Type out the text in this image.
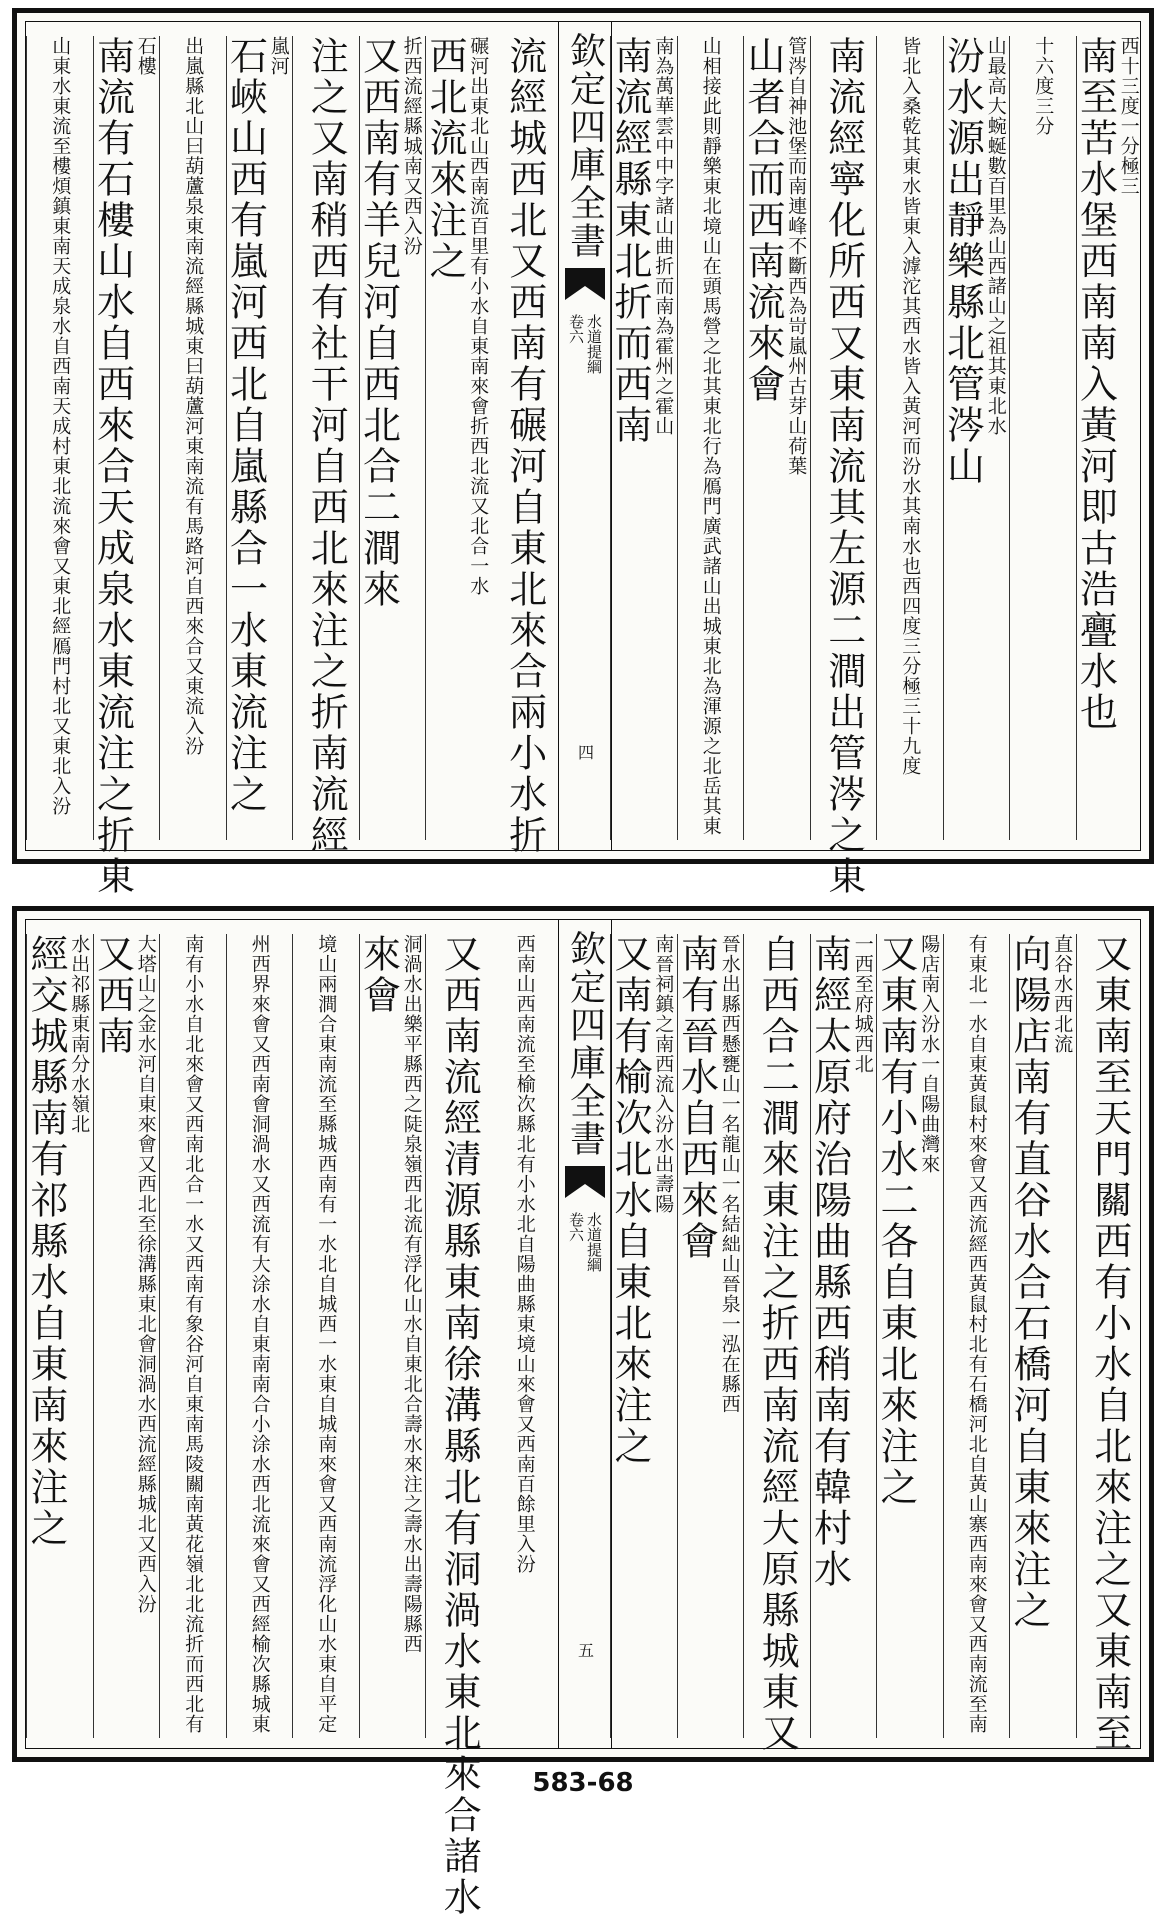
欽定四庫全書
水道提綱 卷六
四
南至苦水堡西南南入黃河即古浩亹水也 西十三度一分極三
十六度三分
汾水源出靜樂縣北管涔山 山最高大蜿蜒數百里為山西諸山之祖其東北水
皆北入桑乾其東水皆東入滹沱其西水皆入黃河而汾水其南水也西四度三分極三十九度
南流經寧化所西又東南流其左源二澗出管涔之東
山者合而西南流來會 管涔自神池堡而南連峰不斷西為岢嵐州古芽山荷葉
山相接此則靜樂東北境山在頭馬營之北其東北行為鴈門廣武諸山出城東北為渾源之北岳其東
南流經縣東北折而西南 南為萬華雲中中字諸山曲折而南為霍州之霍山
流經城西北又西南有碾河自東北來合兩小水折
西北流來注之 碾河出東北山西南流百里有小水自東南來會折西北流又北合一水
又西南有羊兒河自西北合二澗來 折西流經縣城南又西入汾
注之又南稍西有社干河自西北來注之折南流經
石峽山西有嵐河西北自嵐縣合一水東流注之 嵐河
出嵐縣北山曰葫蘆泉東南流經縣城東曰葫蘆河東南流有馬路河自西來合又東流入汾
南流有石樓山水自西來合天成泉水東流注之折東 石樓
山東水東流至樓煩鎮東南天成泉水自西南天成村東北流來會又東北經鴈門村北又東北入汾
欽定四庫全書
水道提綱 卷六
五	又東南至天門關西有小水自北來注之又東南至
向陽店南有直谷水合石橋河自東來注之 直谷水西北流
有東北一水自東黃鼠村來會又西流經西黃鼠村北有石橋河北自黃山寨西南來會又西南流至南
又東南有小水二各自東北來注之 陽店南入汾水一自陽曲灣來
南經太原府治陽曲縣西稍南有韓村水 一西至府城西北
自西合二澗來東注之折西南流經大原縣城東又
南有晉水自西來會 晉水出縣西懸甕山一名龍山一名結絀山晉泉一泓在縣西
又南有榆次北水自東北來注之 南晉祠鎮之南西流入汾水出壽陽
西南山西南流至榆次縣北有小水北自陽曲縣東境山來會又西南百餘里入汾
又西南流經清源縣東南徐溝縣北有洞渦水東北來合諸水
來會 洞渦水出樂平縣西之陡泉嶺西北流有浮化山水自東北合壽水來注之壽水出壽陽縣西
境山兩澗合東南流至縣城西南有一水北自城西一水東自城南來會又西南流浮化山水東自平定
州西界來會又西南會洞渦水又西流有大涂水自東南南合小涂水西北流來會又西經榆次縣城東
南有小水自北來會又西南北合一水又西南有象谷河自東南馬陵關南黃花嶺北北流折而西北有
又西南 大塔山之金水河自東來會又西北至徐溝縣東北會洞渦水西流經縣城北又西入汾
經交城縣南有祁縣水自東南來注之 水出祁縣東南分水嶺北
583-68
